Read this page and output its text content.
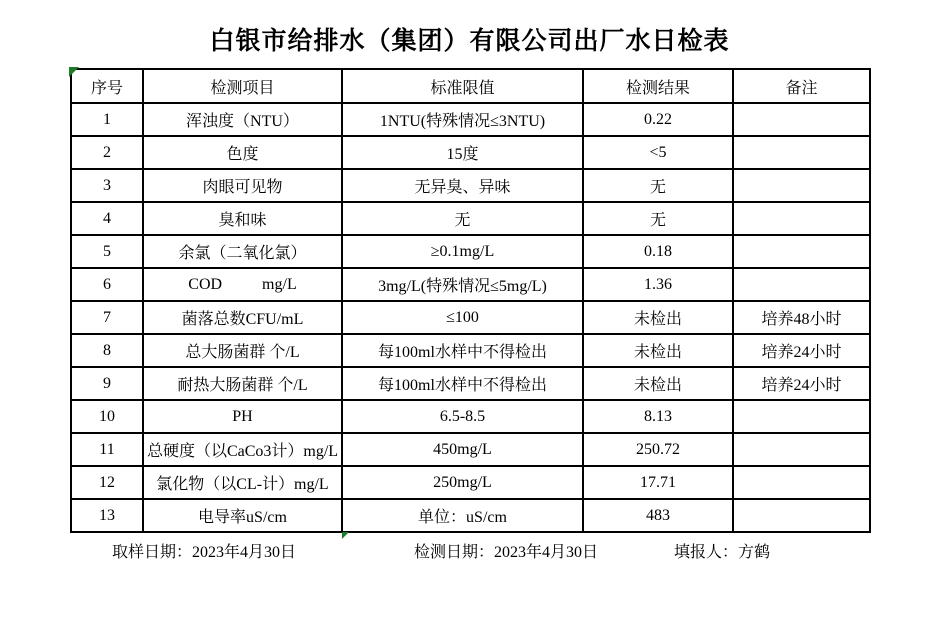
白银市给排水（集团）有限公司出厂水日检表
序号	检测项目	标准限值	检测结果	备注
1	浑浊度（NTU）	1NTU(特殊情况≤3NTU)	0.22	
2	色度	15度	<5	
3	肉眼可见物	无异臭、异味	无	
4	臭和味	无	无	
5	余氯（二氧化氯）	≥0.1mg/L	0.18	
6	COD          mg/L	3mg/L(特殊情况≤5mg/L)	1.36	
7	菌落总数CFU/mL	≤100	未检出	培养48小时
8	总大肠菌群 个/L	每100ml水样中不得检出	未检出	培养24小时
9	耐热大肠菌群 个/L	每100ml水样中不得检出	未检出	培养24小时
10	PH	6.5-8.5	8.13	
11	总硬度（以CaCo3计）mg/L	450mg/L	250.72	
12	氯化物（以CL-计）mg/L	250mg/L	17.71	
13	电导率uS/cm	单位：uS/cm	483	
取样日期：2023年4月30日	检测日期：2023年4月30日	填报人：方鹤
